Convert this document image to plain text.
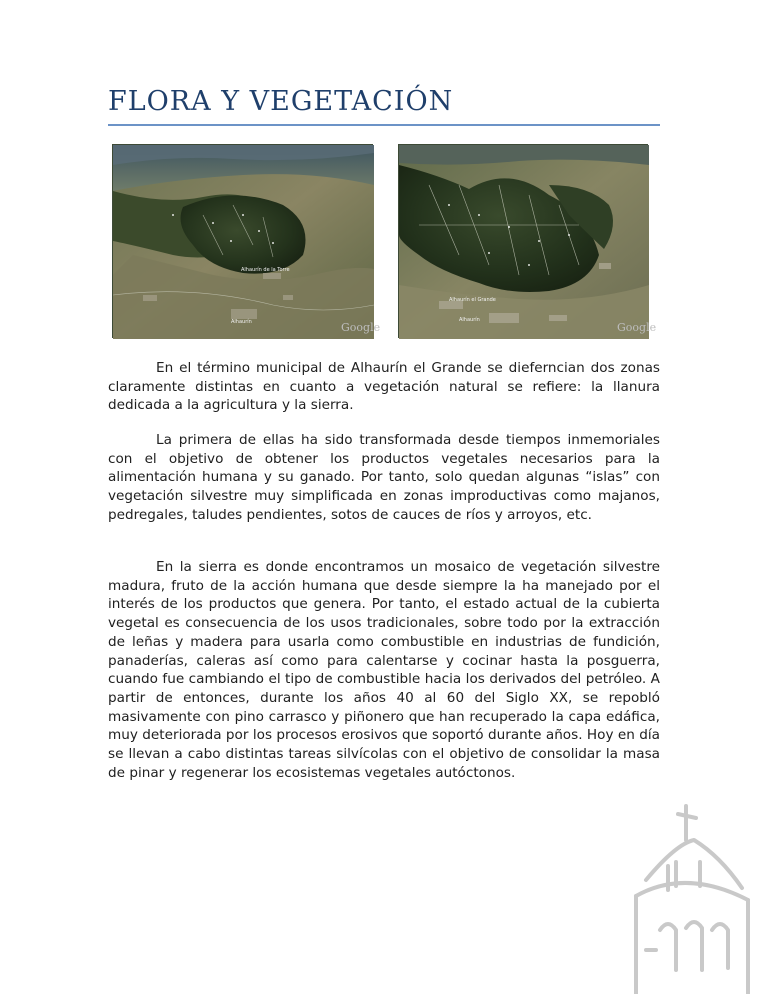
FLORA Y VEGETACIÓN
Alhaurín de la Torre
Alhaurín	Google
Alhaurín el Grande
Alhaurín
Google

En el término municipal de Alhaurín el Grande se dieferncian dos zonas claramente distintas en cuanto a vegetación natural se refiere: la llanura dedicada a la agricultura y la sierra.

La primera de ellas ha sido transformada desde tiempos inmemoriales con el objetivo de obtener los productos vegetales necesarios para la alimentación humana y su ganado. Por tanto, solo quedan algunas “islas” con vegetación silvestre muy simplificada en zonas improductivas como majanos, pedregales, taludes pendientes, sotos de cauces de ríos y arroyos, etc.

En la sierra es donde encontramos un mosaico de vegetación silvestre madura, fruto de la acción humana que desde siempre la ha manejado por el interés de los productos que genera. Por tanto, el estado actual de la cubierta vegetal es consecuencia de los usos tradicionales, sobre todo por la extracción de leñas y madera para usarla como combustible en industrias de fundición, panaderías, caleras así como para calentarse y cocinar hasta la posguerra, cuando fue cambiando el tipo de combustible hacia los derivados del petróleo. A partir de entonces, durante los años 40 al 60 del Siglo XX, se repobló masivamente con pino carrasco y piñonero que han recuperado la capa edáfica, muy deteriorada por los procesos erosivos que soportó durante años. Hoy en día se llevan a cabo distintas tareas silvícolas con el objetivo de consolidar la masa de pinar y regenerar los ecosistemas vegetales autóctonos.
